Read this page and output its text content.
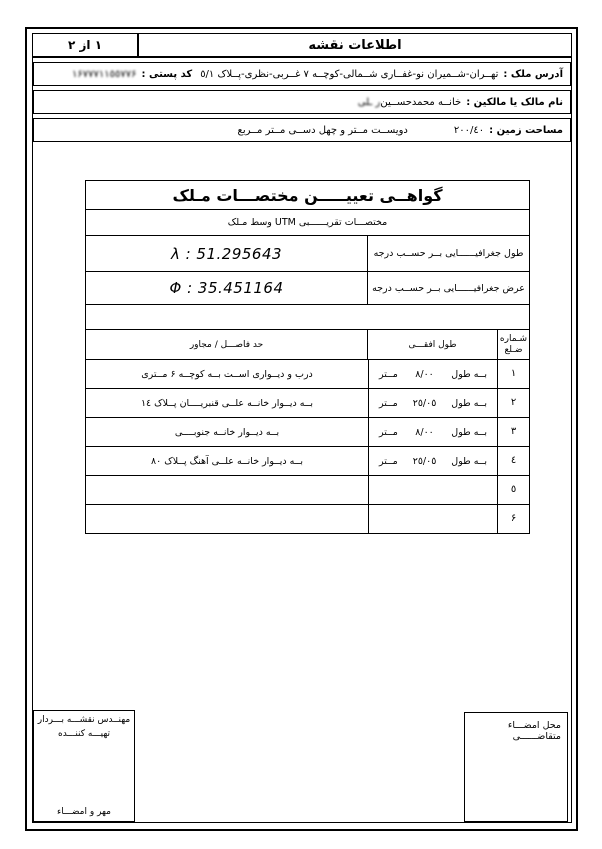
اطلاعات نقشه
١ از ٢
آدرس ملک :
تهــران-شــمیران نو-غفــاری شــمالی-کوچــه ٧ غــربی-نظری-پــلاک ٥/١
کد پستی :
١۶٧٧٧١١٥٥٧٧۶
نام مالک یا مالکین :
خانــه محمدحســین
ر ـلی
مساحت زمین :
٢٠٠/٤٠
دویســت مــتر و چهل دســی مــتر مــربع
گواهــی تعییـــــن مختصـــات مـلک
مختصـــات تقریــــــبی UTM وسط مـلک
طول جغرافیــــــایی بــر حســب درجه
λ
: 51.295643
عرض جغرافیــــــایی بــر حســب درجه
Φ
: 35.451164
شـماره ضـلع
طول افقـــی
حد فاصـــل / مجاور
١
بــه طول
٨/٠٠
مــتر
درب و دیــواری اســت بــه کوچــه ۶ مــتری
٢
بــه طول
٢٥/٠٥
مــتر
بــه دیــوار خانــه علــی قنبریــــان پــلاک ١٤
٣
بــه طول
٨/٠٠
مــتر
بــه دیــوار خانــه جنوبــــی
٤
بــه طول
٢٥/٠٥
مــتر
بــه دیــوار خانــه علــی آهنگ پــلاک ٨٠
٥
۶
مهنــدس نقشـــه بـــردار
تهیـــه کننـــده
مهر و امضـــاء
محل امضـــاء متقاضــــــی
